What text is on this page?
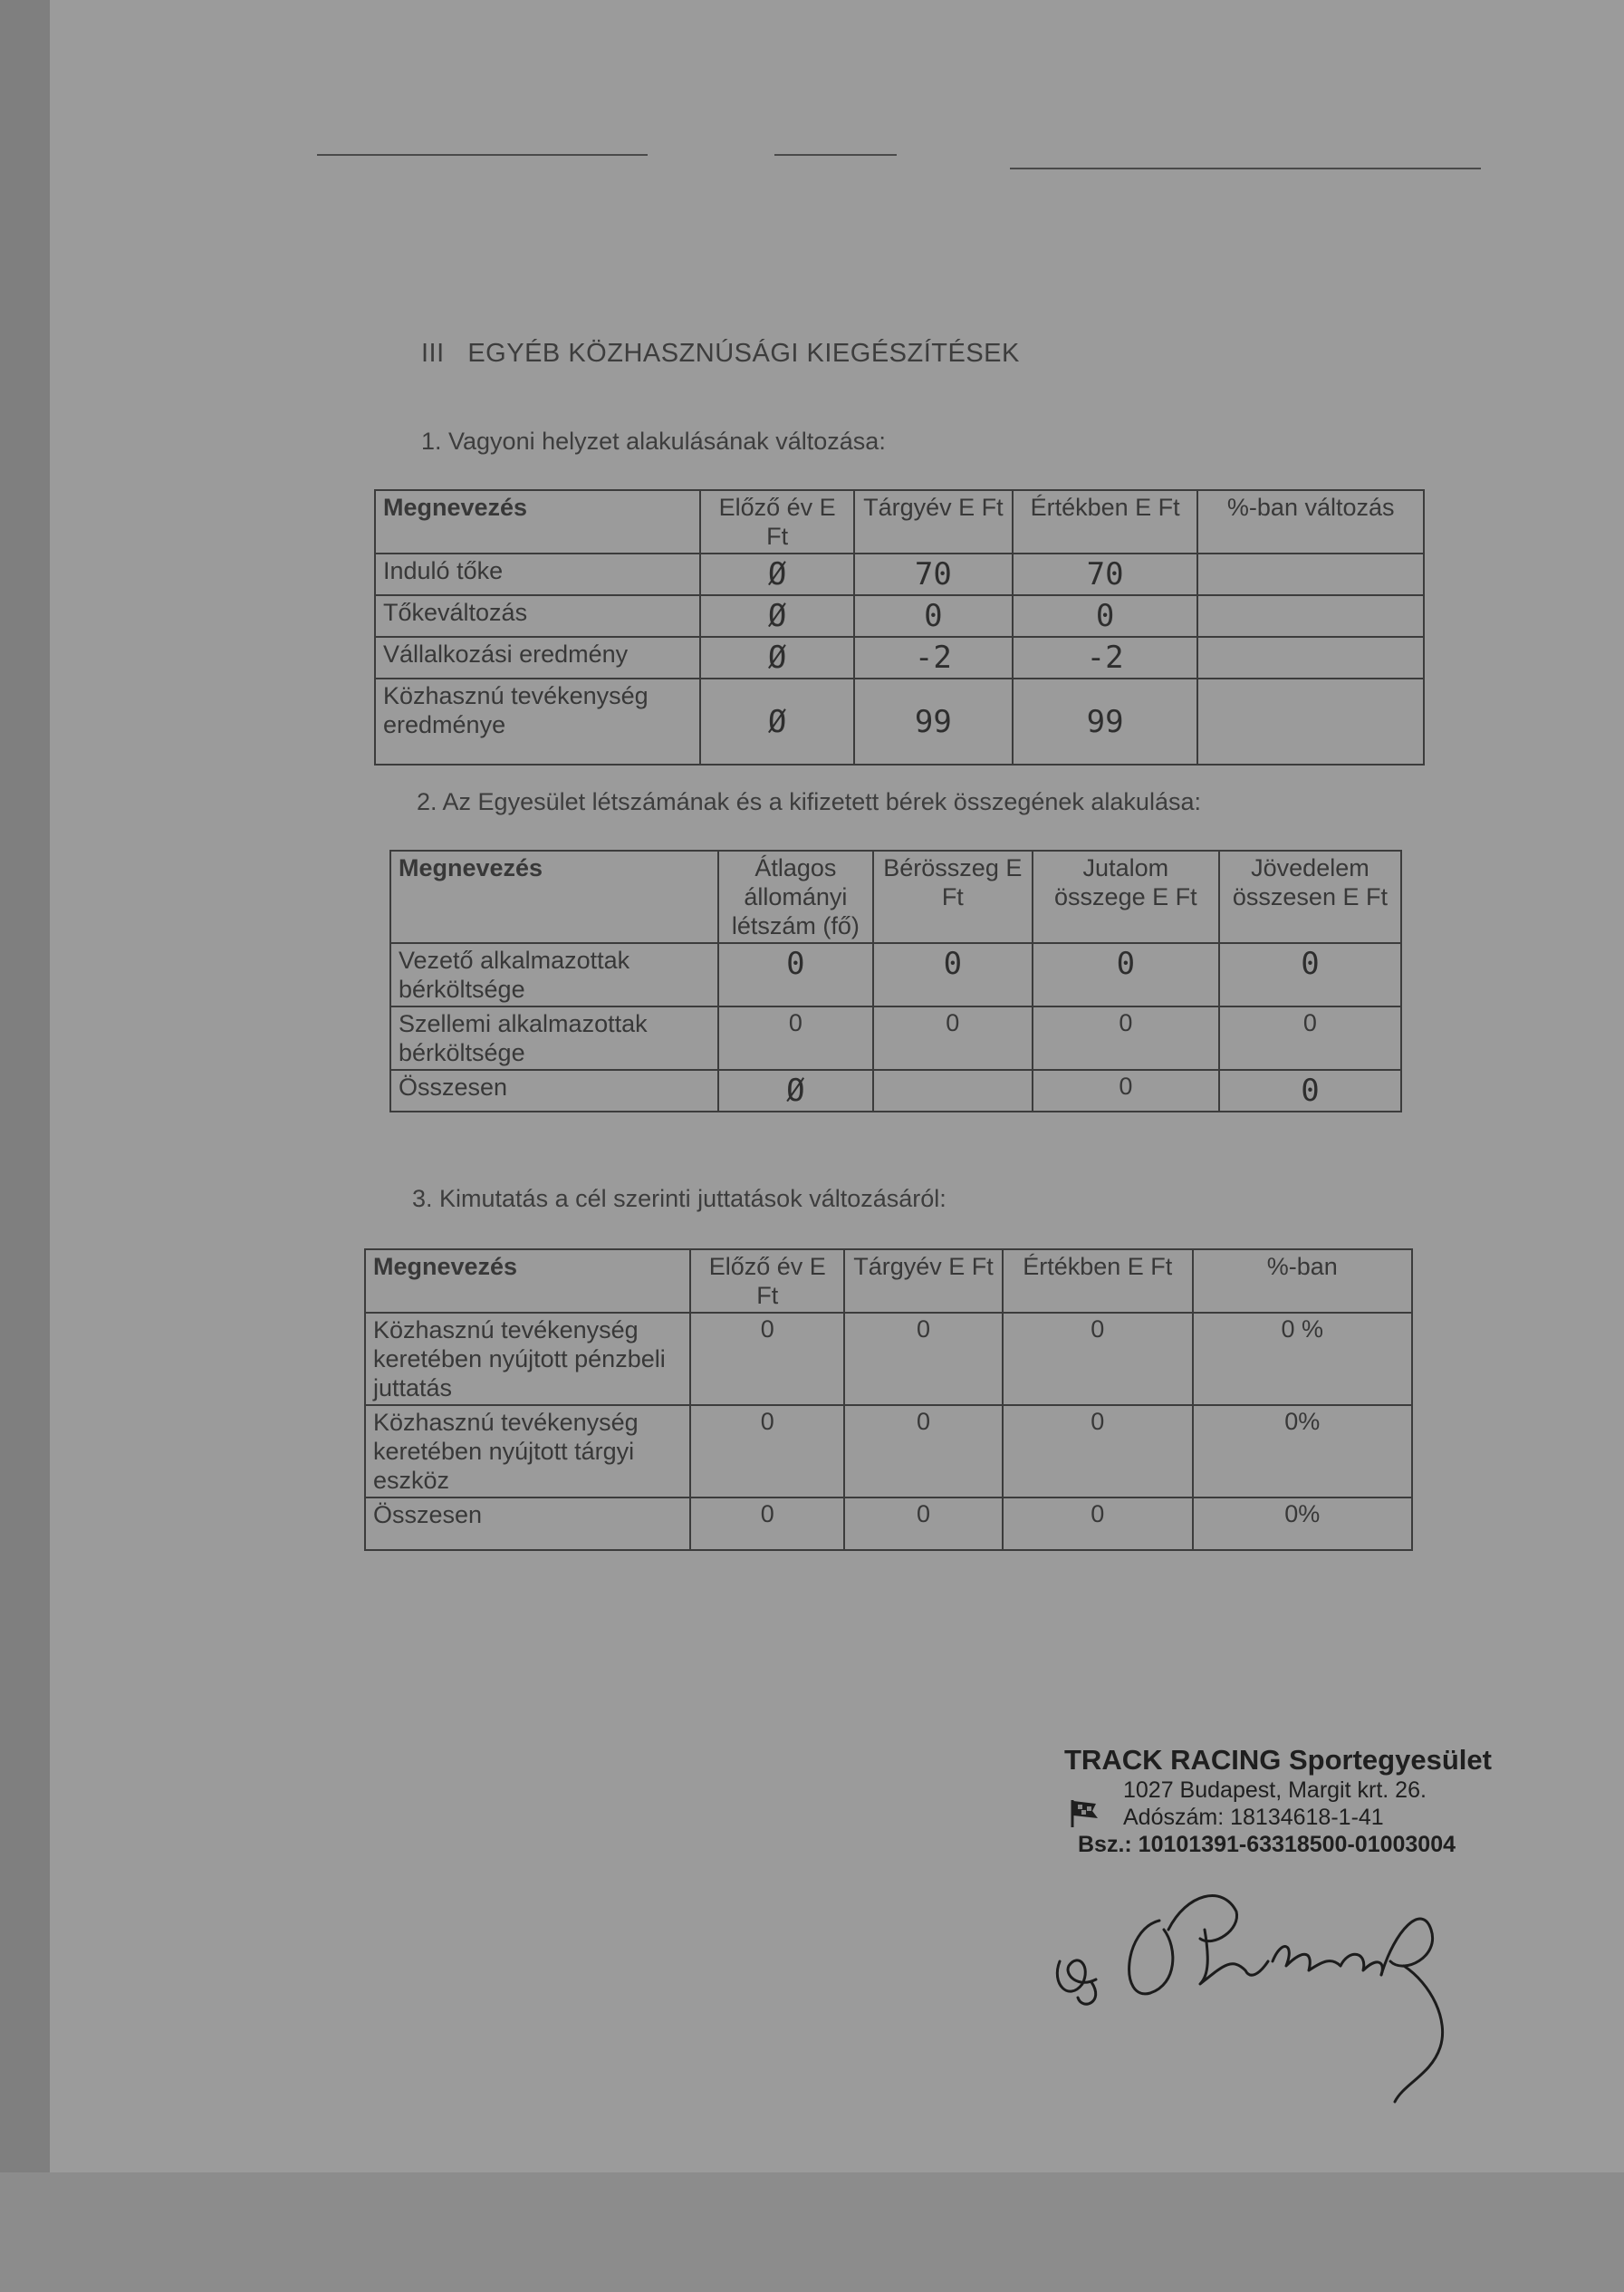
III   EGYÉB KÖZHASZNÚSÁGI KIEGÉSZÍTÉSEK
1. Vagyoni helyzet alakulásának változása:
Megnevezés	Előző év E Ft	Tárgyév E Ft	Értékben E Ft	%-ban változás
Induló tőke	Ø	70	70	
Tőkeváltozás	Ø	0	0	
Vállalkozási eredmény	Ø	-2	-2	
Közhasznú tevékenység eredménye	Ø	99	99	
2. Az Egyesület létszámának és a kifizetett bérek összegének alakulása:
Megnevezés	Átlagos állományi létszám (fő)	Bérösszeg E Ft	Jutalom összege E Ft	Jövedelem összesen E Ft
Vezető alkalmazottak bérköltsége	0	0	0	0
Szellemi alkalmazottak bérköltsége	0	0	0	0
Összesen	Ø		0	0
3. Kimutatás a cél szerinti juttatások változásáról:
Megnevezés	Előző év E Ft	Tárgyév E Ft	Értékben E Ft	%-ban
Közhasznú tevékenység keretében nyújtott pénzbeli juttatás	0	0	0	0 %
Közhasznú tevékenység keretében nyújtott tárgyi eszköz	0	0	0	0%
Összesen	0	0	0	0%
TRACK RACING Sportegyesület
1027 Budapest, Margit krt. 26.
Adószám: 18134618-1-41
Bsz.: 10101391-63318500-01003004
